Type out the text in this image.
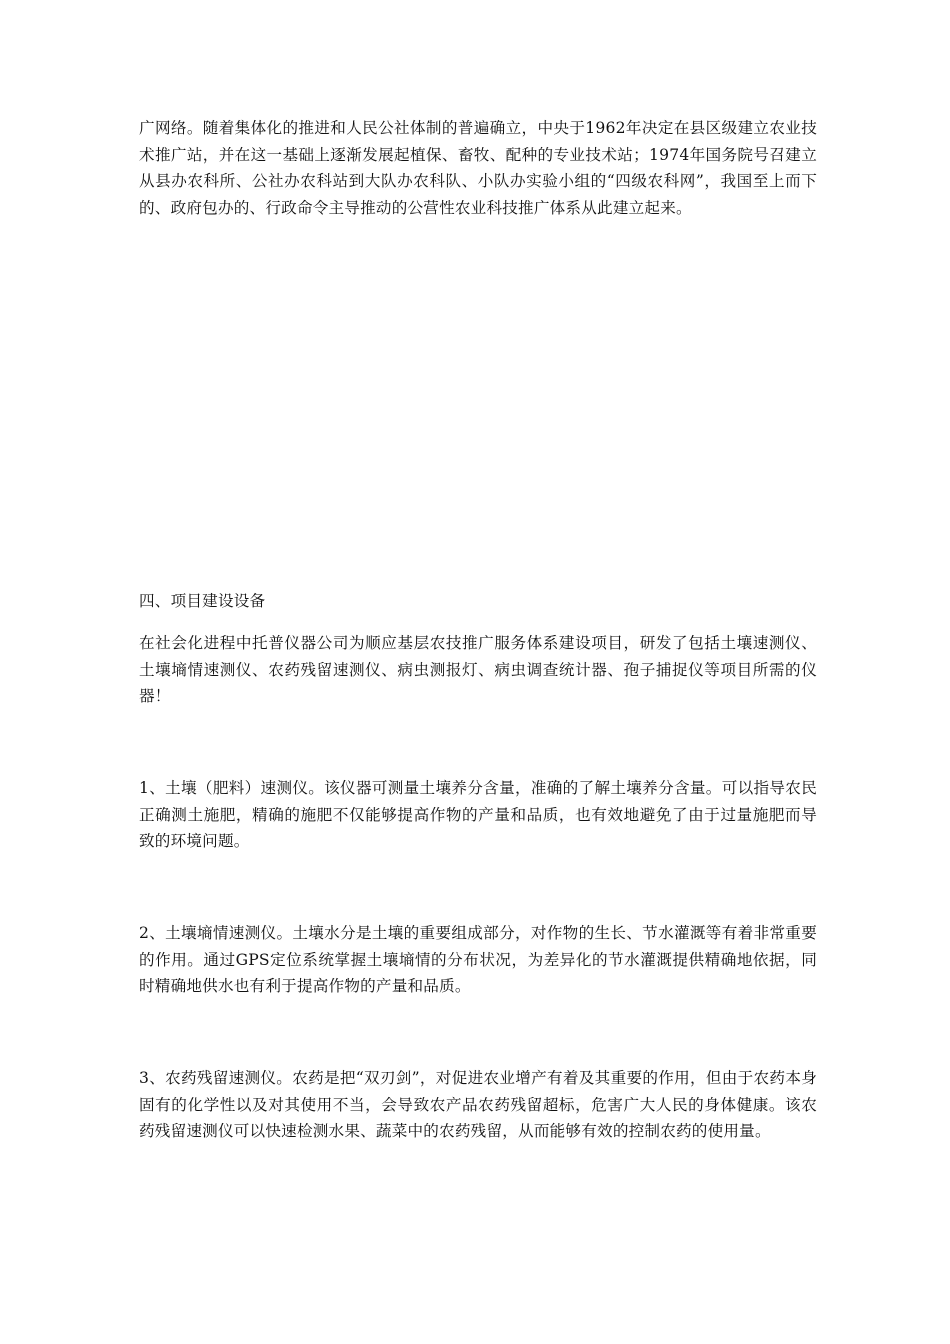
广网络。随着集体化的推进和人民公社体制的普遍确立，中央于1962年决定在县区级建立农业技术推广站，并在这一基础上逐渐发展起植保、畜牧、配种的专业技术站；1974年国务院号召建立从县办农科所、公社办农科站到大队办农科队、小队办实验小组的“四级农科网”，我国至上而下的、政府包办的、行政命令主导推动的公营性农业科技推广体系从此建立起来。

四、项目建设设备

在社会化进程中托普仪器公司为顺应基层农技推广服务体系建设项目，研发了包括土壤速测仪、土壤墒情速测仪、农药残留速测仪、病虫测报灯、病虫调查统计器、孢子捕捉仪等项目所需的仪器！

1、土壤（肥料）速测仪。该仪器可测量土壤养分含量，准确的了解土壤养分含量。可以指导农民正确测土施肥，精确的施肥不仅能够提高作物的产量和品质，也有效地避免了由于过量施肥而导致的环境问题。

2、土壤墒情速测仪。土壤水分是土壤的重要组成部分，对作物的生长、节水灌溉等有着非常重要的作用。通过GPS定位系统掌握土壤墒情的分布状况，为差异化的节水灌溉提供精确地依据，同时精确地供水也有利于提高作物的产量和品质。

3、农药残留速测仪。农药是把“双刃剑”，对促进农业增产有着及其重要的作用，但由于农药本身固有的化学性以及对其使用不当，会导致农产品农药残留超标，危害广大人民的身体健康。该农药残留速测仪可以快速检测水果、蔬菜中的农药残留，从而能够有效的控制农药的使用量。
